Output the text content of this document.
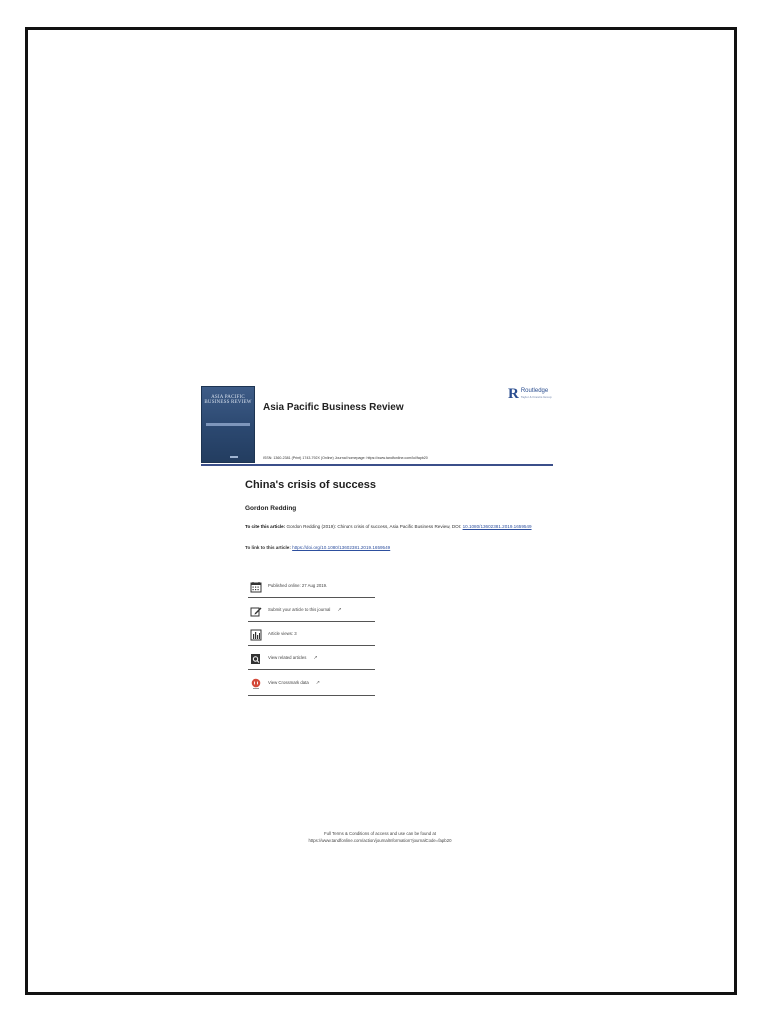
ASIA PACIFIC BUSINESS REVIEW Asia Pacific Business Review
R Routledge
Taylor & Francis Group
ISSN: 1360-2381 (Print) 1743-792X (Online) Journal homepage: https://www.tandfonline.com/loi/fapb20
China's crisis of success
Gordon Redding
To cite this article: Gordon Redding (2019): China's crisis of success, Asia Pacific Business Review, DOI: 10.1080/13602381.2019.1659549
To link to this article: https://doi.org/10.1080/13602381.2019.1659549
Published online: 27 Aug 2019.
Submit your article to this journal ↗
Article views: 3
View related articles ↗
View Crossmark data ↗
Full Terms & Conditions of access and use can be found at
https://www.tandfonline.com/action/journalInformation?journalCode=fapb20
